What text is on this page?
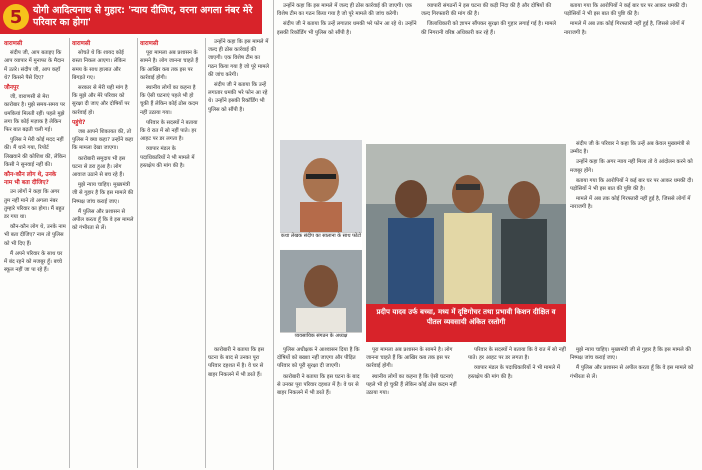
5	योगी आदित्यनाथ से गुहार: 'न्याय दीजिए, वरना अगला नंबर मेरे परिवार का होगा'
वाराणसी

संदीप जी, आप बताइए कि आप व्यापार में मुनाफा के मैदान में उतरे। संदीप जी, आप कहाँ थे? किसने पैसे दिए?

जौनपुर

जी, वाराणसी से मेरा कारोबार है। मुझे समय-समय पर धमकियां मिलती रहीं। पहले मुझे लगा कि कोई मज़ाक है लेकिन फिर बात बढ़ती चली गई।

पुलिस ने मेरी कोई मदद नहीं की। मैं थाने गया, रिपोर्ट लिखवाने की कोशिश की, लेकिन किसी ने सुनवाई नहीं की।

कौन-कौन लोग थे, उनके नाम भी बता दीजिए?

उन लोगों ने कहा कि अगर तुम नहीं माने तो अगला नंबर तुम्हारे परिवार का होगा। मैं बहुत डर गया था।

कौन-कौन लोग थे, उनके नाम भी बता दीजिए? नाम तो पुलिस को भी दिए हैं।

मैं अपने परिवार के साथ घर में बंद रहने को मजबूर हूँ। बच्चे स्कूल नहीं जा पा रहे हैं।

वाराणसी

सोचते थे कि शायद कोई रास्ता निकल आएगा। लेकिन समय के साथ हालात और बिगड़ते गए।

सरकार से मेरी यही मांग है कि मुझे और मेरे परिवार को सुरक्षा दी जाए और दोषियों पर कार्रवाई हो।

पहुंचे?

जब आपने शिकायत की, तो पुलिस ने क्या कहा? उन्होंने कहा कि मामला देखा जाएगा।

कारोबारी समुदाय भी इस घटना से डरा हुआ है। लोग आवाज उठाने से बच रहे हैं।

मुझे न्याय चाहिए। मुख्यमंत्री जी से गुहार है कि इस मामले की निष्पक्ष जांच कराई जाए।

मैं पुलिस और प्रशासन से अपील करता हूँ कि वे इस मामले को गंभीरता से लें।

वाराणसी

पूरा मामला अब प्रशासन के सामने है। लोग जानना चाहते हैं कि आखिर कब तक इस पर कार्रवाई होगी।

स्थानीय लोगों का कहना है कि ऐसी घटनाएं पहले भी हो चुकी हैं लेकिन कोई ठोस कदम नहीं उठाया गया।

परिवार के सदस्यों ने बताया कि वे रात में सो नहीं पाते। हर आहट पर डर लगता है।

व्यापार मंडल के पदाधिकारियों ने भी मामले में हस्तक्षेप की मांग की है।

उन्होंने कहा कि इस मामले में जल्द ही ठोस कार्रवाई की जाएगी। एक विशेष टीम का गठन किया गया है जो पूरे मामले की जांच करेगी।

संदीप जी ने बताया कि उन्हें लगातार धमकी भरे फोन आ रहे थे। उन्होंने इसकी रिकॉर्डिंग भी पुलिस को सौंपी है।

उन्होंने कहा कि इस मामले में जल्द ही ठोस कार्रवाई की जाएगी। एक विशेष टीम का गठन किया गया है जो पूरे मामले की जांच करेगी।

संदीप जी ने बताया कि उन्हें लगातार धमकी भरे फोन आ रहे थे। उन्होंने इसकी रिकॉर्डिंग भी पुलिस को सौंपी है।

व्यापारी संगठनों ने इस घटना की कड़ी निंदा की है और दोषियों की जल्द गिरफ्तारी की मांग की है।

जिलाधिकारी को ज्ञापन सौंपकर सुरक्षा की गुहार लगाई गई है। मामले की निगरानी वरिष्ठ अधिकारी कर रहे हैं।

बताया गया कि आरोपियों ने कई बार घर पर आकर धमकी दी। पड़ोसियों ने भी इस बात की पुष्टि की है।

मामले में अब तक कोई गिरफ्तारी नहीं हुई है, जिससे लोगों में नाराजगी है।

कथा लेखक संदीप का सालाना के साथ फोटो
व्यवसायिक संगठन के अध्यक्ष
प्रदीप यादव उर्फ बच्चा, मध्य में दृष्टिगोचर तथा प्रभावी किशन दीक्षित व पीतल व्यवसायी अंकित रस्तोगी

संदीप जी के परिवार ने कहा कि उन्हें अब केवल मुख्यमंत्री से उम्मीद है।

उन्होंने कहा कि अगर न्याय नहीं मिला तो वे आंदोलन करने को मजबूर होंगे।

बताया गया कि आरोपियों ने कई बार घर पर आकर धमकी दी। पड़ोसियों ने भी इस बात की पुष्टि की है।

मामले में अब तक कोई गिरफ्तारी नहीं हुई है, जिससे लोगों में नाराजगी है।

कारोबारी ने बताया कि इस घटना के बाद से उनका पूरा परिवार दहशत में है। वे घर से बाहर निकलने में भी डरते हैं।

पुलिस अधीक्षक ने आश्वासन दिया है कि दोषियों को बख्शा नहीं जाएगा और पीड़ित परिवार को पूरी सुरक्षा दी जाएगी।

कारोबारी ने बताया कि इस घटना के बाद से उनका पूरा परिवार दहशत में है। वे घर से बाहर निकलने में भी डरते हैं।

पूरा मामला अब प्रशासन के सामने है। लोग जानना चाहते हैं कि आखिर कब तक इस पर कार्रवाई होगी।

स्थानीय लोगों का कहना है कि ऐसी घटनाएं पहले भी हो चुकी हैं लेकिन कोई ठोस कदम नहीं उठाया गया।

परिवार के सदस्यों ने बताया कि वे रात में सो नहीं पाते। हर आहट पर डर लगता है।

व्यापार मंडल के पदाधिकारियों ने भी मामले में हस्तक्षेप की मांग की है।

मुझे न्याय चाहिए। मुख्यमंत्री जी से गुहार है कि इस मामले की निष्पक्ष जांच कराई जाए।

मैं पुलिस और प्रशासन से अपील करता हूँ कि वे इस मामले को गंभीरता से लें।
